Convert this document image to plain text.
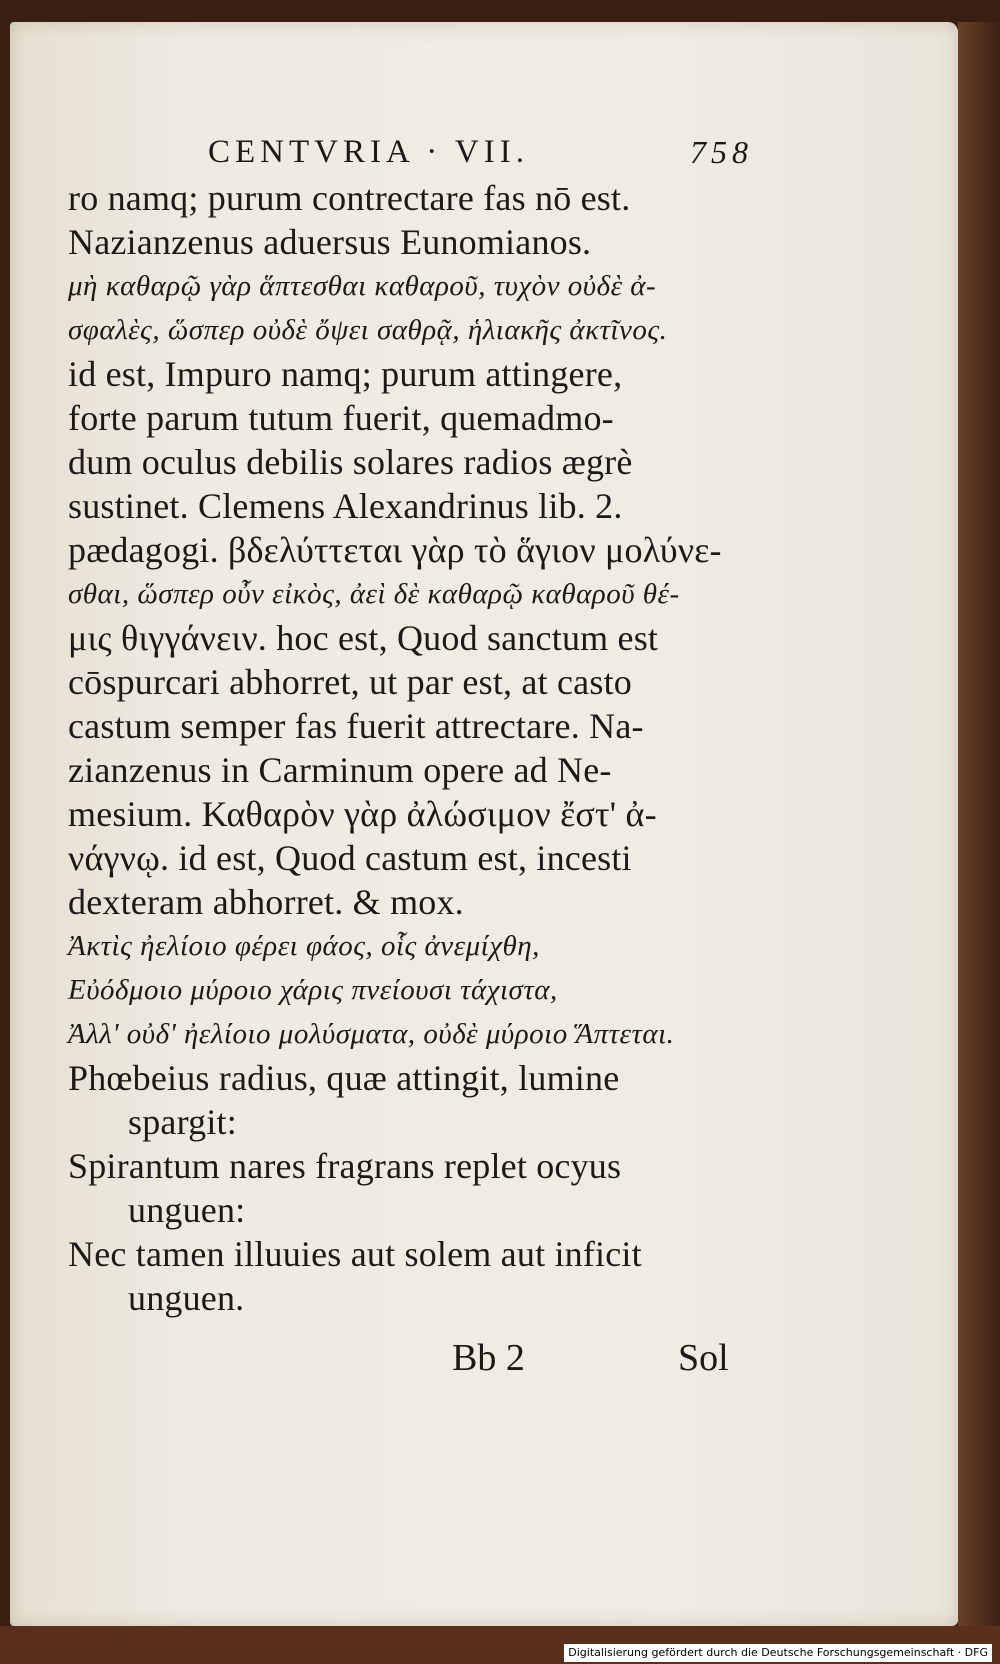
CENTVRIA · VII.	758
ro namq; purum contrectare fas nō est.
Nazianzenus aduersus Eunomianos.
μὴ καθαρῷ γὰρ ἅπτεσθαι καθαροῦ, τυχὸν οὐδὲ ἀ-
σφαλὲς, ὥσπερ οὐδὲ ὄψει σαθρᾷ, ἡλιακῆς ἀκτῖνος.
id est, Impuro namq; purum attingere,
forte parum tutum fuerit, quemadmo-
dum oculus debilis solares radios ægrè
sustinet. Clemens Alexandrinus lib. 2.
pædagogi. βδελύττεται γὰρ τὸ ἅγιον μολύνε-
σθαι, ὥσπερ οὖν εἰκὸς, ἀεὶ δὲ καθαρῷ καθαροῦ θέ-
μις θιγγάνειν. hoc est, Quod sanctum est
cōspurcari abhorret, ut par est, at casto
castum semper fas fuerit attrectare. Na-
zianzenus in Carminum opere ad Ne-
mesium. Καθαρὸν γὰρ ἀλώσιμον ἔστ' ἀ-
νάγνῳ. id est, Quod castum est, incesti
dexteram abhorret. & mox.
Ἀκτὶς ἠελίοιο φέρει φάος, οἷς ἀνεμίχθη,
Εὐόδμοιο μύροιο χάρις πνείουσι τάχιστα,
Ἀλλ' οὐδ' ἠελίοιο μολύσματα, οὐδὲ μύροιο Ἅπτεται.
Phœbeius radius, quæ attingit, lumine
spargit:
Spirantum nares fragrans replet ocyus
unguen:
Nec tamen illuuies aut solem aut inficit
unguen.
Bb 2	Sol
Digitalisierung gefördert durch die Deutsche Forschungsgemeinschaft · DFG
